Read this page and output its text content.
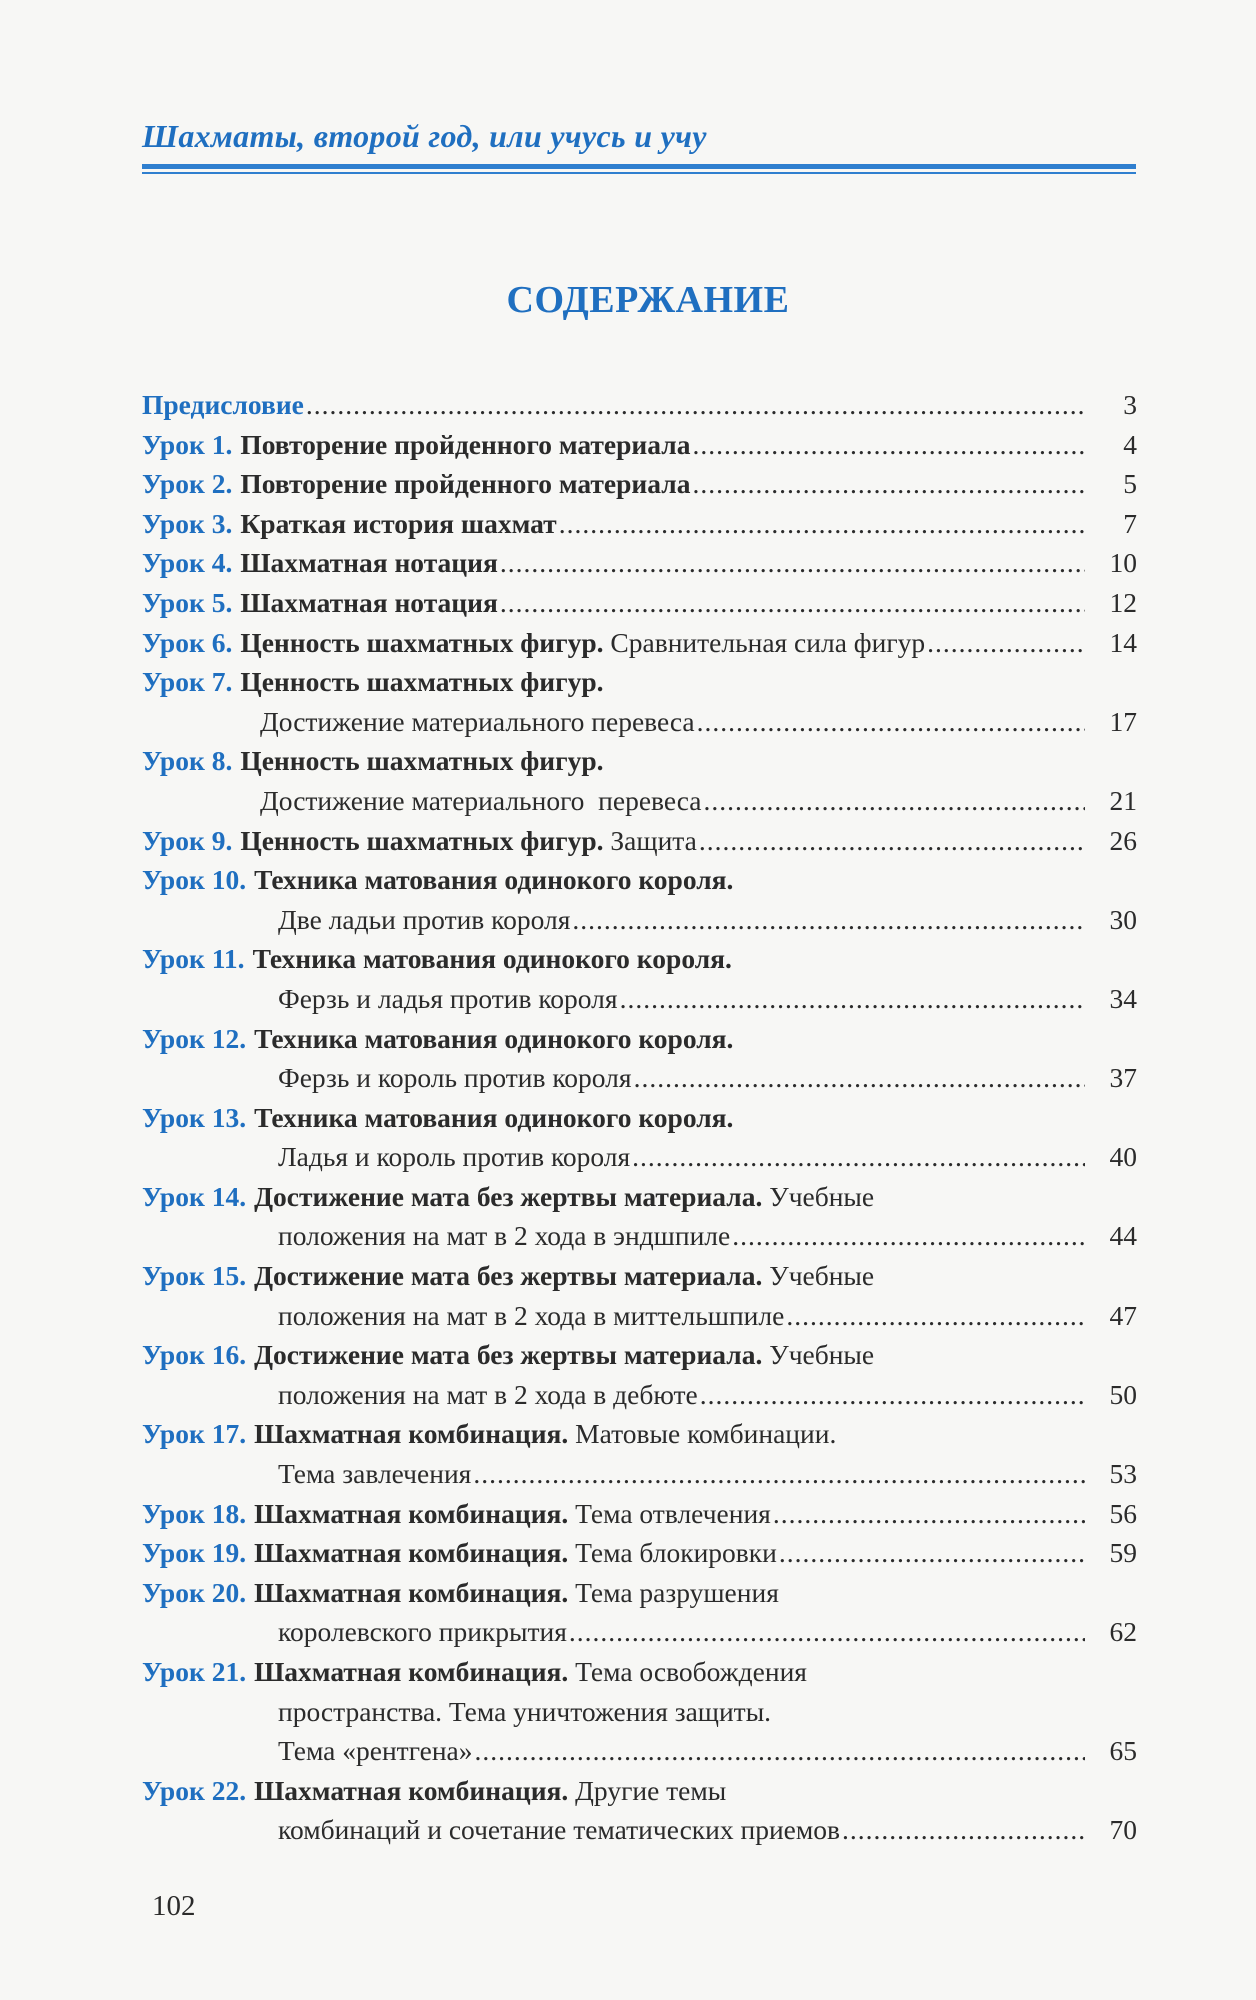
Шахматы, второй год, или учусь и учу
СОДЕРЖАНИЕ
Предисловие .....	3
Урок 1. Повторение пройденного материала .....	4
Урок 2. Повторение пройденного материала .....	5
Урок 3. Краткая история шахмат .....	7
Урок 4. Шахматная нотация .....	10
Урок 5. Шахматная нотация .....	12
Урок 6. Ценность шахматных фигур. Сравнительная сила фигур .....	14
Урок 7. Ценность шахматных фигур.
Достижение материального перевеса .....	17
Урок 8. Ценность шахматных фигур.
Достижение материального  перевеса .....	21
Урок 9. Ценность шахматных фигур. Защита .....	26
Урок 10. Техника матования одинокого короля.
Две ладьи против короля .....	30
Урок 11. Техника матования одинокого короля.
Ферзь и ладья против короля .....	34
Урок 12. Техника матования одинокого короля.
Ферзь и король против короля .....	37
Урок 13. Техника матования одинокого короля.
Ладья и король против короля .....	40
Урок 14. Достижение мата без жертвы материала. Учебные
положения на мат в 2 хода в эндшпиле .....	44
Урок 15. Достижение мата без жертвы материала. Учебные
положения на мат в 2 хода в миттельшпиле .....	47
Урок 16. Достижение мата без жертвы материала. Учебные
положения на мат в 2 хода в дебюте .....	50
Урок 17. Шахматная комбинация. Матовые комбинации.
Тема завлечения .....	53
Урок 18. Шахматная комбинация. Тема отвлечения .....	56
Урок 19. Шахматная комбинация. Тема блокировки .....	59
Урок 20. Шахматная комбинация. Тема разрушения
королевского прикрытия .....	62
Урок 21. Шахматная комбинация. Тема освобождения
пространства. Тема уничтожения защиты.
Тема «рентгена» .....	65
Урок 22. Шахматная комбинация. Другие темы
комбинаций и сочетание тематических приемов .....	70
102
